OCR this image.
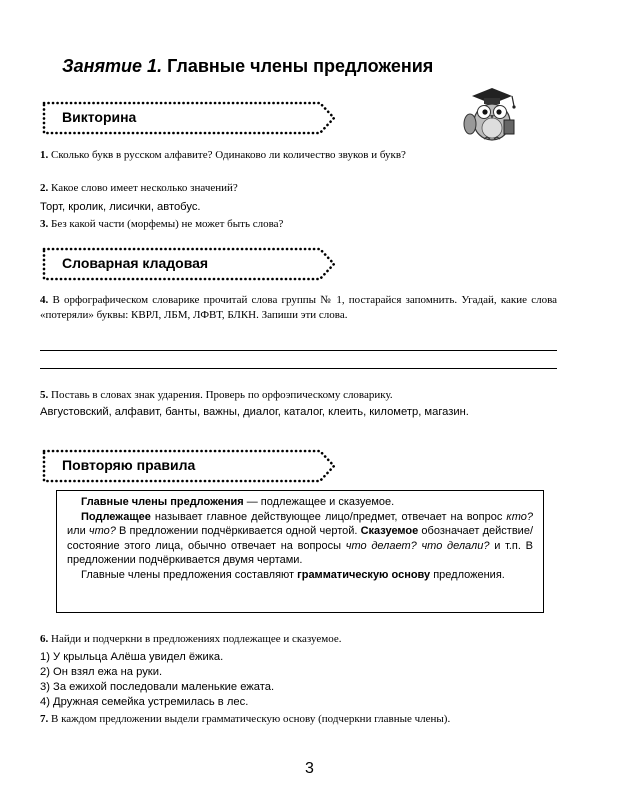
Занятие 1. Главные члены предложения
Викторина
1. Сколько букв в русском алфавите? Одинаково ли количество звуков и букв?
2. Какое слово имеет несколько значений?
Торт, кролик, лисички, автобус.
3. Без какой части (морфемы) не может быть слова?
Словарная кладовая
4. В орфографическом словарике прочитай слова группы № 1, постарайся запомнить. Угадай, какие слова «потеряли» буквы: КВРЛ, ЛБМ, ЛФВТ, БЛКН. Запиши эти слова.
5. Поставь в словах знак ударения. Проверь по орфоэпическому словарику.
Августовский, алфавит, банты, важны, диалог, каталог, клеить, километр, магазин.
Повторяю правила

Главные члены предложения — подлежащее и сказуемое.

Подлежащее называет главное действующее лицо/предмет, отвечает на вопрос кто? или что? В предложении подчёркивается одной чертой. Сказуемое обозначает действие/состояние этого лица, обычно отвечает на вопросы что делает? что делали? и т.п. В предложении подчёркивается двумя чертами.

Главные члены предложения составляют грамматическую основу предложения.

6. Найди и подчеркни в предложениях подлежащее и сказуемое.
1) У крыльца Алёша увидел ёжика.
2) Он взял ежа на руки.
3) За ежихой последовали маленькие ежата.
4) Дружная семейка устремилась в лес.
7. В каждом предложении выдели грамматическую основу (подчеркни главные члены).
3
